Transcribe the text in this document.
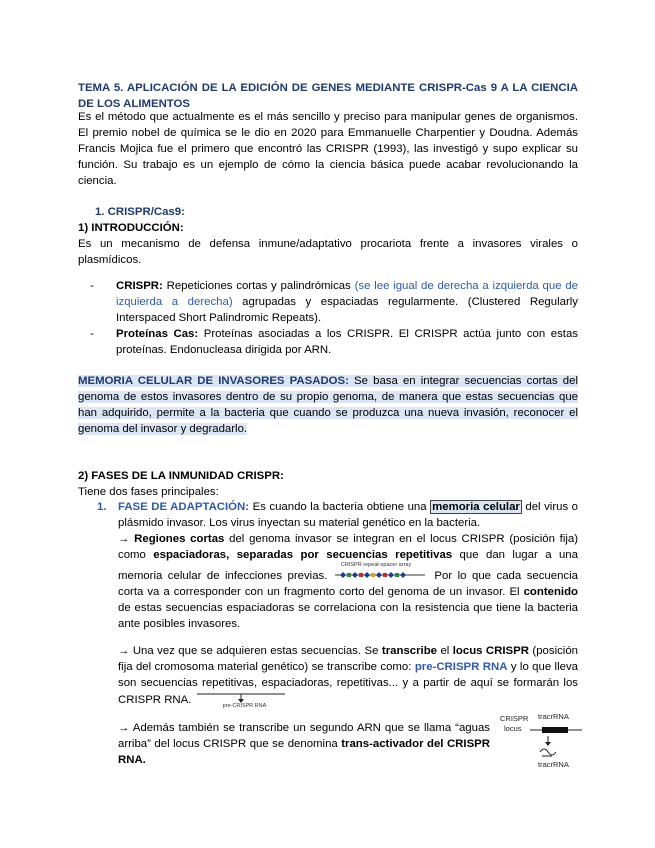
TEMA 5. APLICACIÓN DE LA EDICIÓN DE GENES MEDIANTE CRISPR-Cas 9 A LA CIENCIA DE LOS ALIMENTOS

Es el método que actualmente es el más sencillo y preciso para manipular genes de organismos. El premio nobel de química se le dio en 2020 para Emmanuelle Charpentier y Doudna. Además Francis Mojica fue el primero que encontró las CRISPR (1993), las investigó y supo explicar su función. Su trabajo es un ejemplo de cómo la ciencia básica puede acabar revolucionando la ciencia.

1. CRISPR/Cas9:

1) INTRODUCCIÓN:

Es un mecanismo de defensa inmune/adaptativo procariota frente a invasores virales o plasmídicos.

- CRISPR: Repeticiones cortas y palindrómicas (se lee igual de derecha a izquierda que de izquierda a derecha) agrupadas y espaciadas regularmente. (Clustered Regularly Interspaced Short Palindromic Repeats).
- Proteínas Cas: Proteínas asociadas a los CRISPR. El CRISPR actúa junto con estas proteínas. Endonucleasa dirigida por ARN.

MEMORIA CELULAR DE INVASORES PASADOS: Se basa en integrar secuencias cortas del genoma de estos invasores dentro de su propio genoma, de manera que estas secuencias que han adquirido, permite a la bacteria que cuando se produzca una nueva invasión, reconocer el genoma del invasor y degradarlo.

2) FASES DE LA INMUNIDAD CRISPR:

Tiene dos fases principales:

1. FASE DE ADAPTACIÓN: Es cuando la bacteria obtiene una memoria celular del virus o plásmido invasor. Los virus inyectan su material genético en la bacteria.
→ Regiones cortas del genoma invasor se integran en el locus CRISPR (posición fija) como espaciadoras, separadas por secuencias repetitivas que dan lugar a una memoria celular de infecciones previas.
CRISPR repeat-spacer array
Por lo que cada secuencia corta va a corresponder con un fragmento corto del genoma de un invasor. El contenido de estas secuencias espaciadoras se correlaciona con la resistencia que tiene la bacteria ante posibles invasores.

→ Una vez que se adquieren estas secuencias. Se transcribe el locus CRISPR (posición fija del cromosoma material genético) se transcribe como: pre-CRISPR RNA y lo que lleva son secuencias repetitivas, espaciadoras, repetitivas... y a partir de aquí se formarán los CRISPR RNA.	pre-CRISPR RNA

→ Además también se transcribe un segundo ARN que se llama “aguas arriba” del locus CRISPR que se denomina trans-activador del CRISPR RNA.

CRISPR
locus
tracrRNA
tracrRNA
